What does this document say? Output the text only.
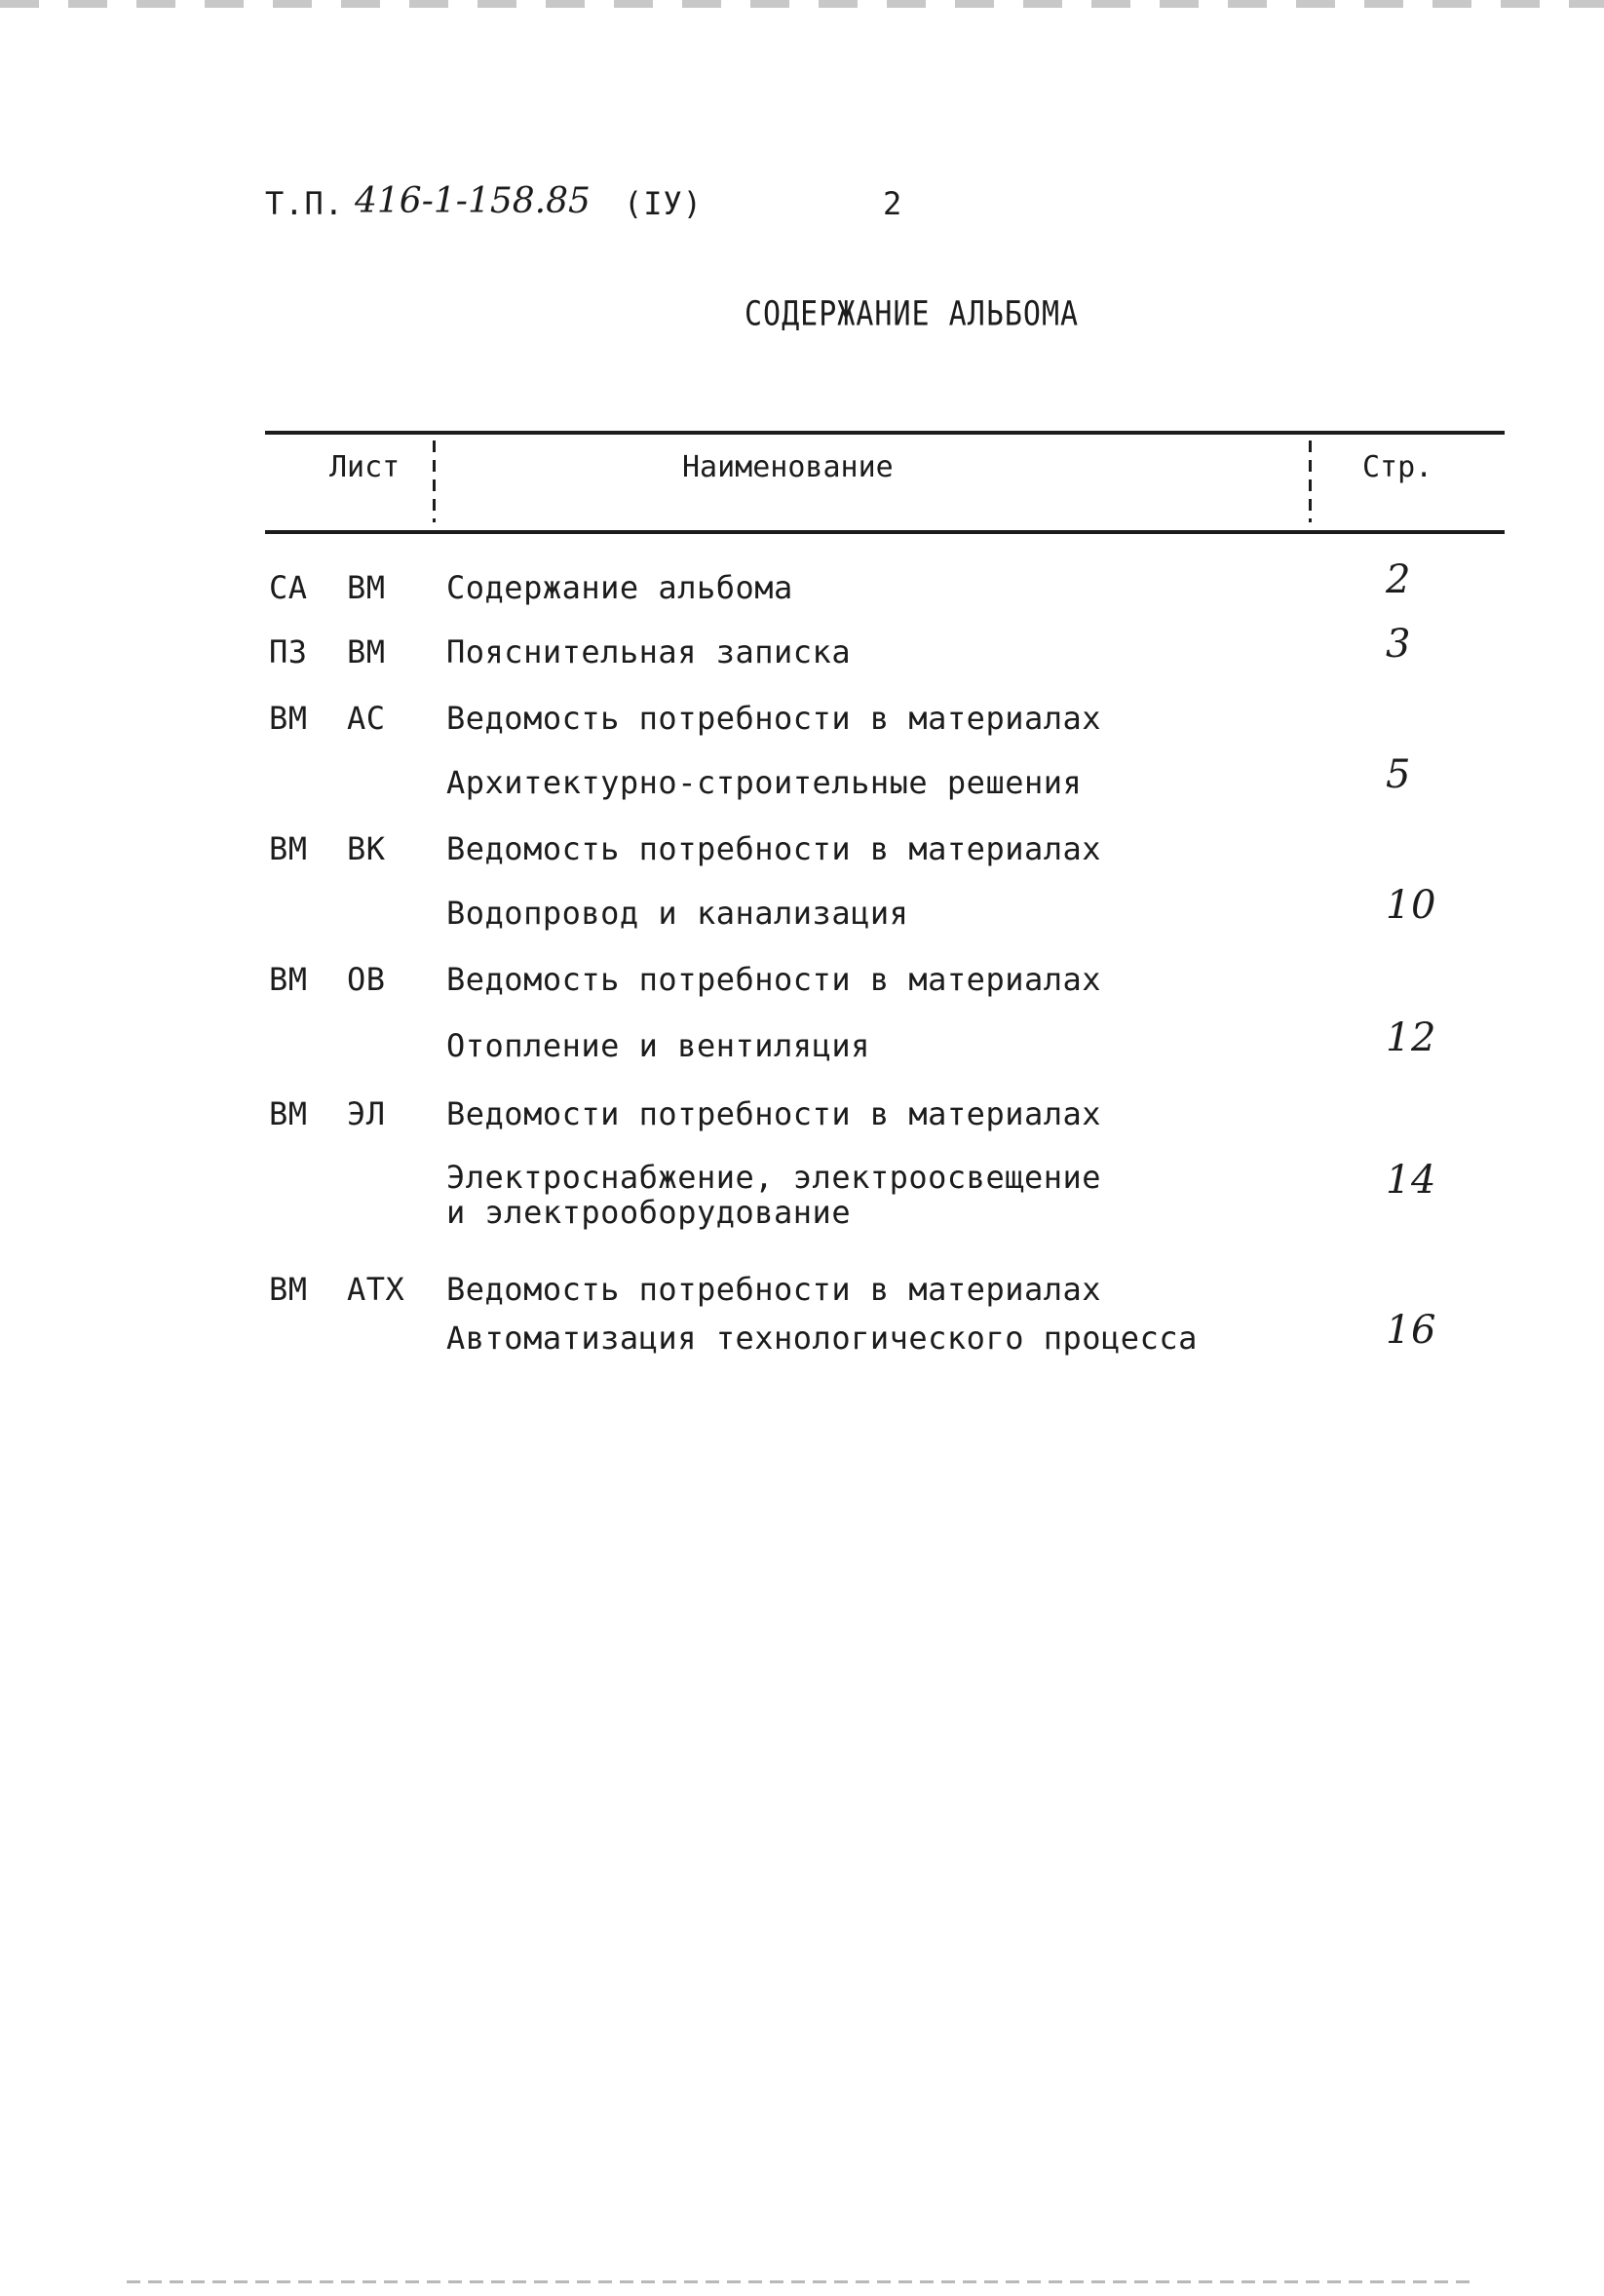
Т.П. 416-1-158.85 (IУ)	2
СОДЕРЖАНИЕ АЛЬБОМА
Лист	Наименование	Стр.
СА ВМ Содержание альбома	2
ПЗ ВМ Пояснительная записка	3
ВМ АС Ведомость потребности в материалах
Архитектурно-строительные решения	5
ВМ ВК Ведомость потребности в материалах
Водопровод и канализация	10
ВМ ОВ Ведомость потребности в материалах
Отопление и вентиляция	12
ВМ ЭЛ Ведомости потребности в материалах
Электроснабжение, электроосвещение
и электрооборудование
14
ВМ АТХ Ведомость потребности в материалах
Автоматизация технологического процесса	16
